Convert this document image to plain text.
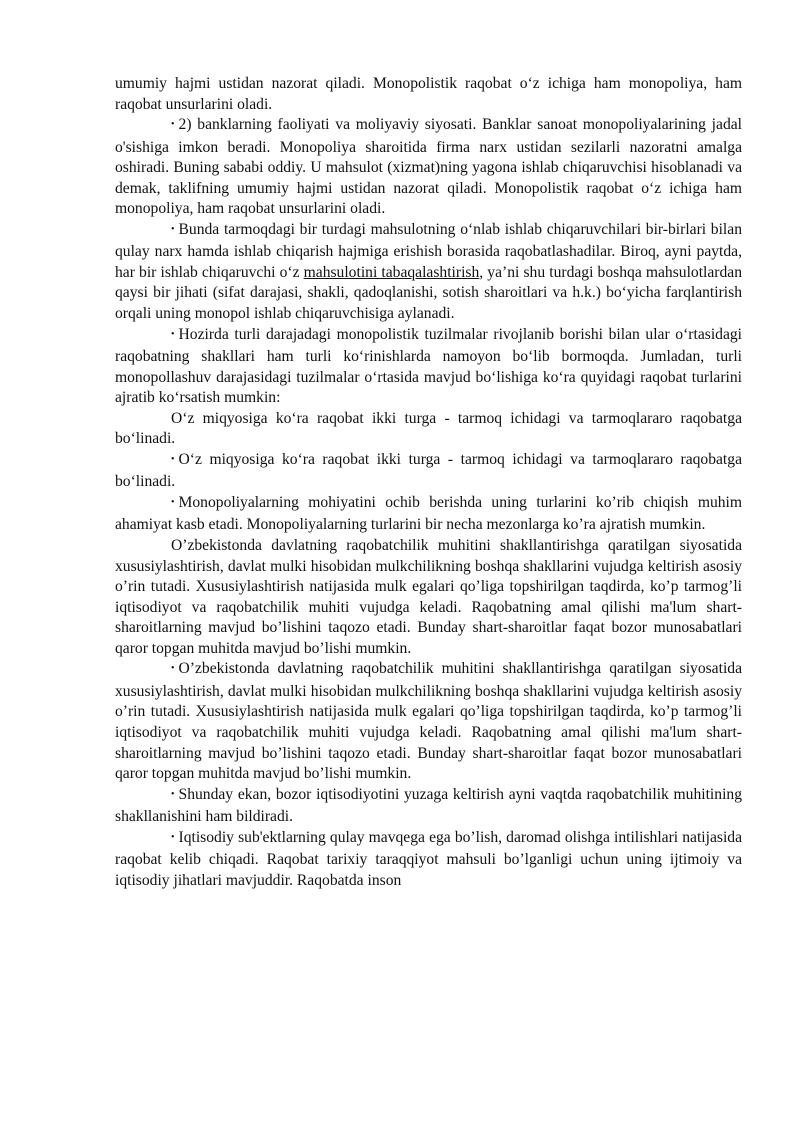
umumiy hajmi ustidan nazorat qiladi. Monopolistik raqobat o‘z ichiga ham monopoliya, ham raqobat unsurlarini oladi.

• 2) banklarning faoliyati va moliyaviy siyosati. Banklar sanoat monopoliyalarining jadal o'sishiga imkon beradi. Monopoliya sharoitida firma narx ustidan sezilarli nazoratni amalga oshiradi. Buning sababi oddiy. U mahsulot (xizmat)ning yagona ishlab chiqaruvchisi hisoblanadi va demak, taklifning umumiy hajmi ustidan nazorat qiladi. Monopolistik raqobat o‘z ichiga ham monopoliya, ham raqobat unsurlarini oladi.

• Bunda tarmoqdagi bir turdagi mahsulotning o‘nlab ishlab chiqaruvchilari bir-birlari bilan qulay narx hamda ishlab chiqarish hajmiga erishish borasida raqobatlashadilar. Biroq, ayni paytda, har bir ishlab chiqaruvchi o‘z mahsulotini tabaqalashtirish, ya’ni shu turdagi boshqa mahsulotlardan qaysi bir jihati (sifat darajasi, shakli, qadoqlanishi, sotish sharoitlari va h.k.) bo‘yicha farqlantirish orqali uning monopol ishlab chiqaruvchisiga aylanadi.

• Hozirda turli darajadagi monopolistik tuzilmalar rivojlanib borishi bilan ular o‘rtasidagi raqobatning shakllari ham turli ko‘rinishlarda namoyon bo‘lib bormoqda. Jumladan, turli monopollashuv darajasidagi tuzilmalar o‘rtasida mavjud bo‘lishiga ko‘ra quyidagi raqobat turlarini ajratib ko‘rsatish mumkin:

O‘z miqyosiga ko‘ra raqobat ikki turga - tarmoq ichidagi va tarmoqlararo raqobatga bo‘linadi.

• O‘z miqyosiga ko‘ra raqobat ikki turga - tarmoq ichidagi va tarmoqlararo raqobatga bo‘linadi.

• Monopoliyalarning mohiyatini ochib berishda uning turlarini ko’rib chiqish muhim ahamiyat kasb etadi. Monopoliyalarning turlarini bir necha mezonlarga ko’ra ajratish mumkin.

O’zbekistonda davlatning raqobatchilik muhitini shakllantirishga qaratilgan siyosatida xususiylashtirish, davlat mulki hisobidan mulkchilikning boshqa shakllarini vujudga keltirish asosiy o’rin tutadi. Xususiylashtirish natijasida mulk egalari qo’liga topshirilgan taqdirda, ko’p tarmog’li iqtisodiyot va raqobatchilik muhiti vujudga keladi. Raqobatning amal qilishi ma'lum shart-sharoitlarning mavjud bo’lishini taqozo etadi. Bunday shart-sharoitlar faqat bozor munosabatlari qaror topgan muhitda mavjud bo’lishi mumkin.

• O’zbekistonda davlatning raqobatchilik muhitini shakllantirishga qaratilgan siyosatida xususiylashtirish, davlat mulki hisobidan mulkchilikning boshqa shakllarini vujudga keltirish asosiy o’rin tutadi. Xususiylashtirish natijasida mulk egalari qo’liga topshirilgan taqdirda, ko’p tarmog’li iqtisodiyot va raqobatchilik muhiti vujudga keladi. Raqobatning amal qilishi ma'lum shart-sharoitlarning mavjud bo’lishini taqozo etadi. Bunday shart-sharoitlar faqat bozor munosabatlari qaror topgan muhitda mavjud bo’lishi mumkin.

• Shunday ekan, bozor iqtisodiyotini yuzaga keltirish ayni vaqtda raqobatchilik muhitining shakllanishini ham bildiradi.

• Iqtisodiy sub'ektlarning qulay mavqega ega bo’lish, daromad olishga intilishlari natijasida raqobat kelib chiqadi. Raqobat tarixiy taraqqiyot mahsuli bo’lganligi uchun uning ijtimoiy va iqtisodiy jihatlari mavjuddir. Raqobatda inson
